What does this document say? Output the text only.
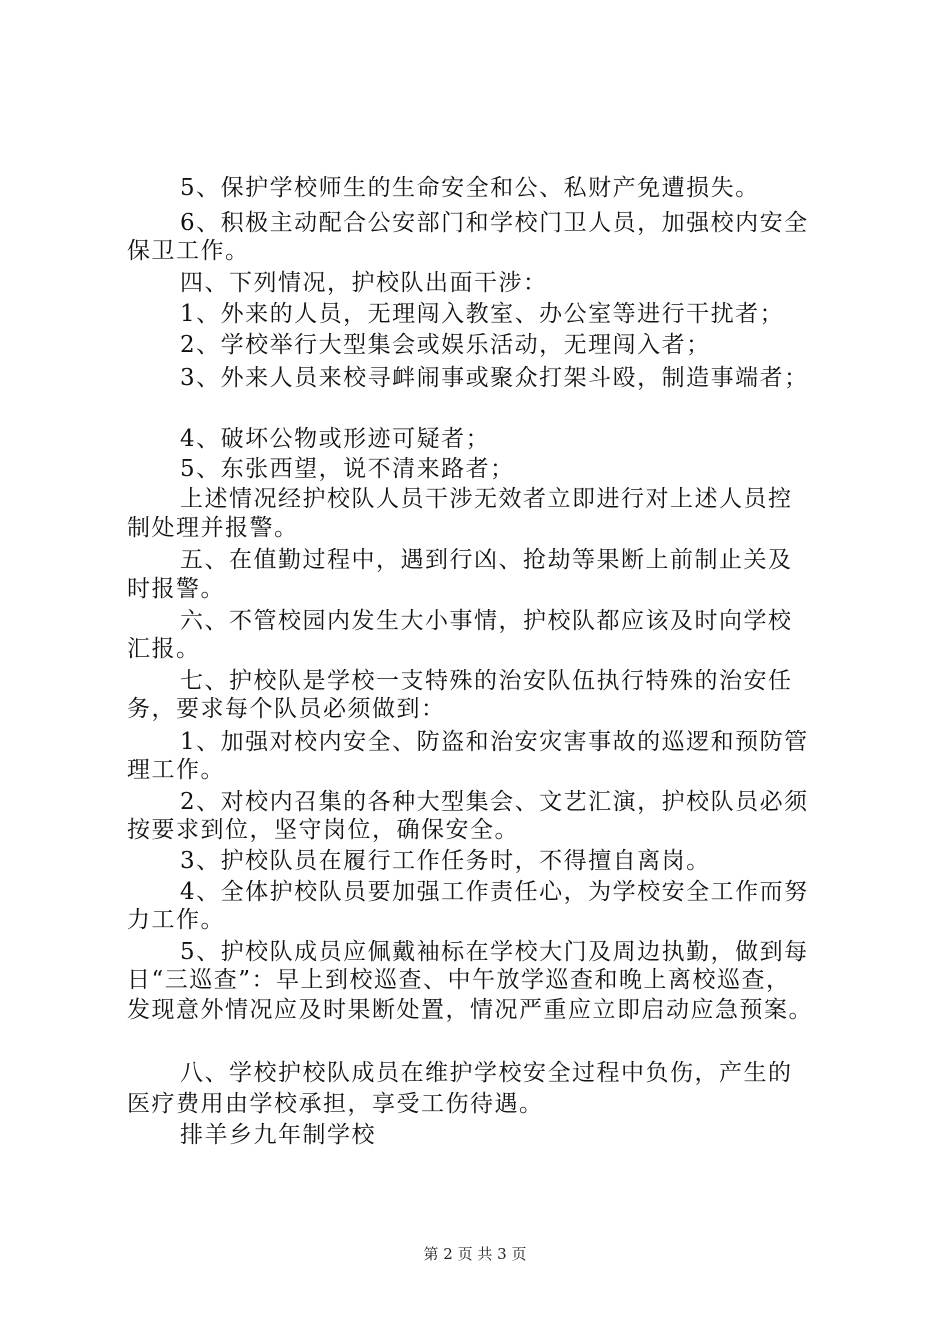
5、保护学校师生的生命安全和公、私财产免遭损失。
6、积极主动配合公安部门和学校门卫人员，加强校内安全
保卫工作。
四、下列情况，护校队出面干涉：
1、外来的人员，无理闯入教室、办公室等进行干扰者；
2、学校举行大型集会或娱乐活动，无理闯入者；
3、外来人员来校寻衅闹事或聚众打架斗殴，制造事端者；
4、破坏公物或形迹可疑者；
5、东张西望，说不清来路者；
上述情况经护校队人员干涉无效者立即进行对上述人员控
制处理并报警。
五、在值勤过程中，遇到行凶、抢劫等果断上前制止关及
时报警。
六、不管校园内发生大小事情，护校队都应该及时向学校
汇报。
七、护校队是学校一支特殊的治安队伍执行特殊的治安任
务，要求每个队员必须做到：
1、加强对校内安全、防盗和治安灾害事故的巡逻和预防管
理工作。
2、对校内召集的各种大型集会、文艺汇演，护校队员必须
按要求到位，坚守岗位，确保安全。
3、护校队员在履行工作任务时，不得擅自离岗。
4、全体护校队员要加强工作责任心，为学校安全工作而努
力工作。
5、护校队成员应佩戴袖标在学校大门及周边执勤，做到每
日“三巡查”：早上到校巡查、中午放学巡查和晚上离校巡查，
发现意外情况应及时果断处置，情况严重应立即启动应急预案。
八、学校护校队成员在维护学校安全过程中负伤，产生的
医疗费用由学校承担，享受工伤待遇。
排羊乡九年制学校
第 2 页 共 3 页
